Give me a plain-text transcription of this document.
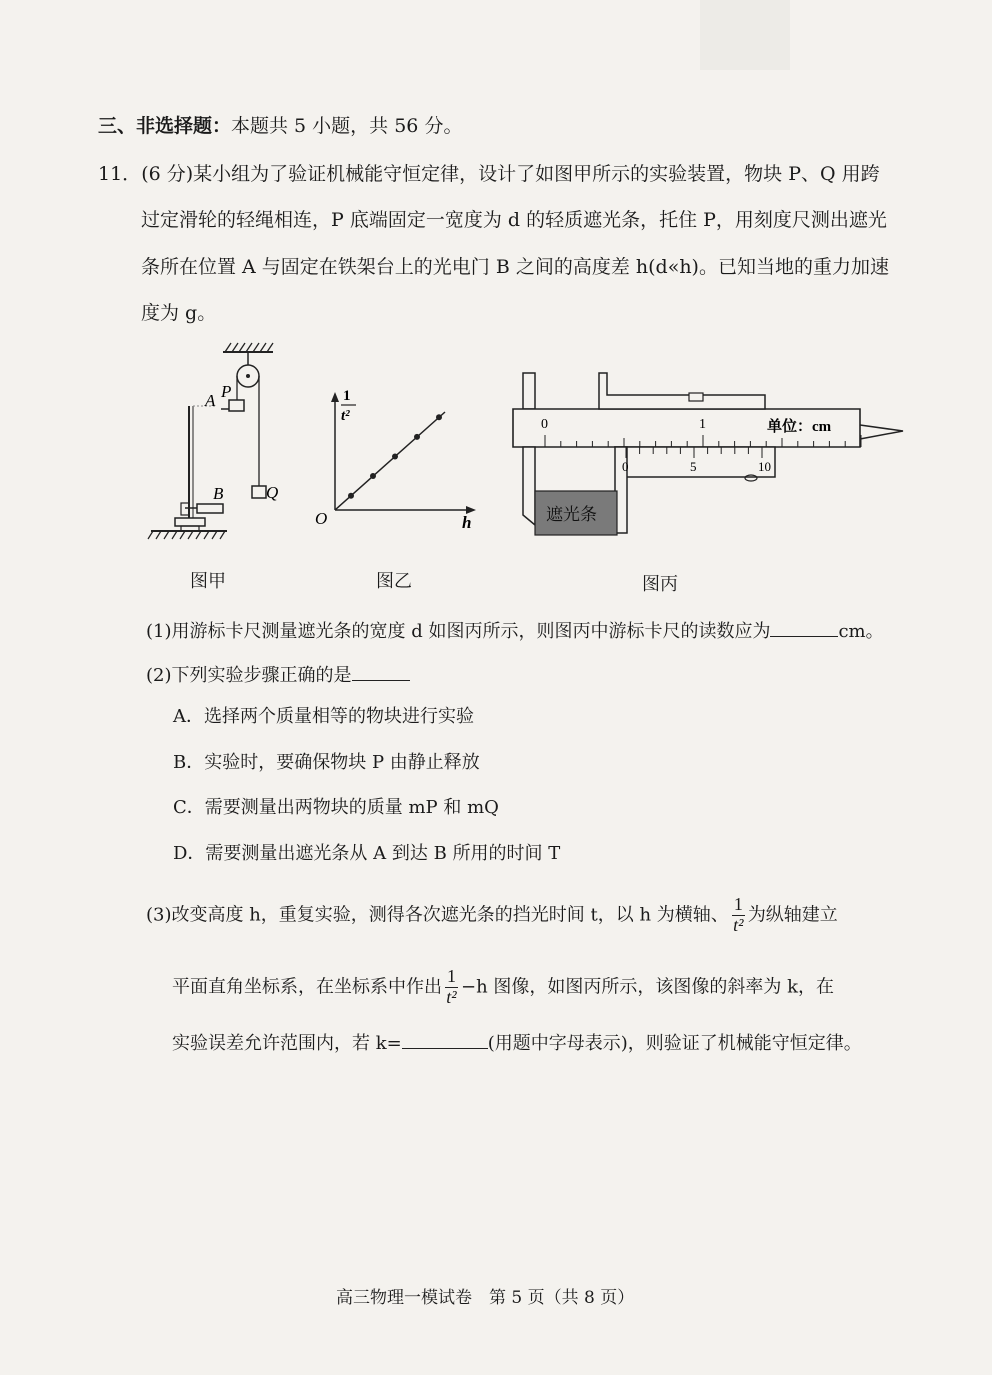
三、非选择题：本题共 5 小题，共 56 分。
11．(6 分)某小组为了验证机械能守恒定律，设计了如图甲所示的实验装置，物块 P、Q 用跨
过定滑轮的轻绳相连，P 底端固定一宽度为 d 的轻质遮光条，托住 P，用刻度尺测出遮光
条所在位置 A 与固定在铁架台上的光电门 B 之间的高度差 h(d«h)。已知当地的重力加速
度为 g。
A P
B	Q
图甲
1
t²
O	h
图乙
遮光条
0	1	单位：cm
0	5	10
图丙
(1)用游标卡尺测量遮光条的宽度 d 如图丙所示，则图丙中游标卡尺的读数应为	cm。
(2)下列实验步骤正确的是
A．选择两个质量相等的物块进行实验
B．实验时，要确保物块 P 由静止释放
C．需要测量出两物块的质量 mP 和 mQ
D．需要测量出遮光条从 A 到达 B 所用的时间 T
(3)改变高度 h，重复实验，测得各次遮光条的挡光时间 t，以 h 为横轴、 $\frac{1}{\text{t²}}$ 为纵轴建立
平面直角坐标系，在坐标系中作出 $\frac{1}{\text{t²}} -h$ 图像，如图丙所示，该图像的斜率为 k，在
实验误差允许范围内，若 k=	(用题中字母表示)，则验证了机械能守恒定律。
高三物理一模试卷　第 5 页（共 8 页）
